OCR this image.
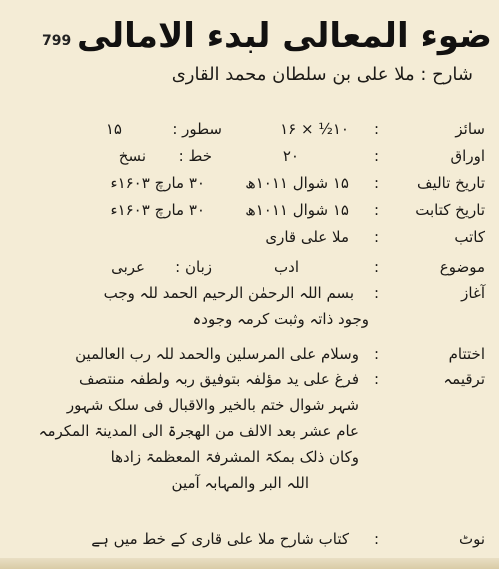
799 ضوء المعالی لبدء الامالی
شارح : ملا علی بن سلطان محمد القاری
سائز
:
۱۰½ × ۱۶
سطور :
۱۵
اوراق
:
۲۰
خط :
نسخ
تاریخ تالیف
:
۱۵ شوال ۱۰۱۱ھ
۳۰ مارچ ۱۶۰۳ء
تاریخ کتابت
:
۱۵ شوال ۱۰۱۱ھ
۳۰ مارچ ۱۶۰۳ء
کاتب
:
ملا علی قاری
موضوع
:
ادب
زبان :
عربی
آغاز
:
بسم اللہ الرحمٰن الرحیم الحمد للہ وجب
وجود ذاتہ وثبت کرمہ وجودہ
اختتام
:
وسلام علی المرسلین والحمد للہ رب العالمین
ترقیمہ
:
فرغ علی ید مؤلفہ بتوفیق ربہ ولطفہ منتصف
شہر شوال ختم بالخیر والاقبال فی سلک شہور
عام عشر بعد الالف من الھجرۃ الی المدینۃ المکرمہ
وکان ذلک بمکۃ المشرفۃ المعظمۃ زادھا
اللہ البر والمہابہ آمین
نوٹ
:
کتاب شارح ملا علی قاری کے خط میں ہے
